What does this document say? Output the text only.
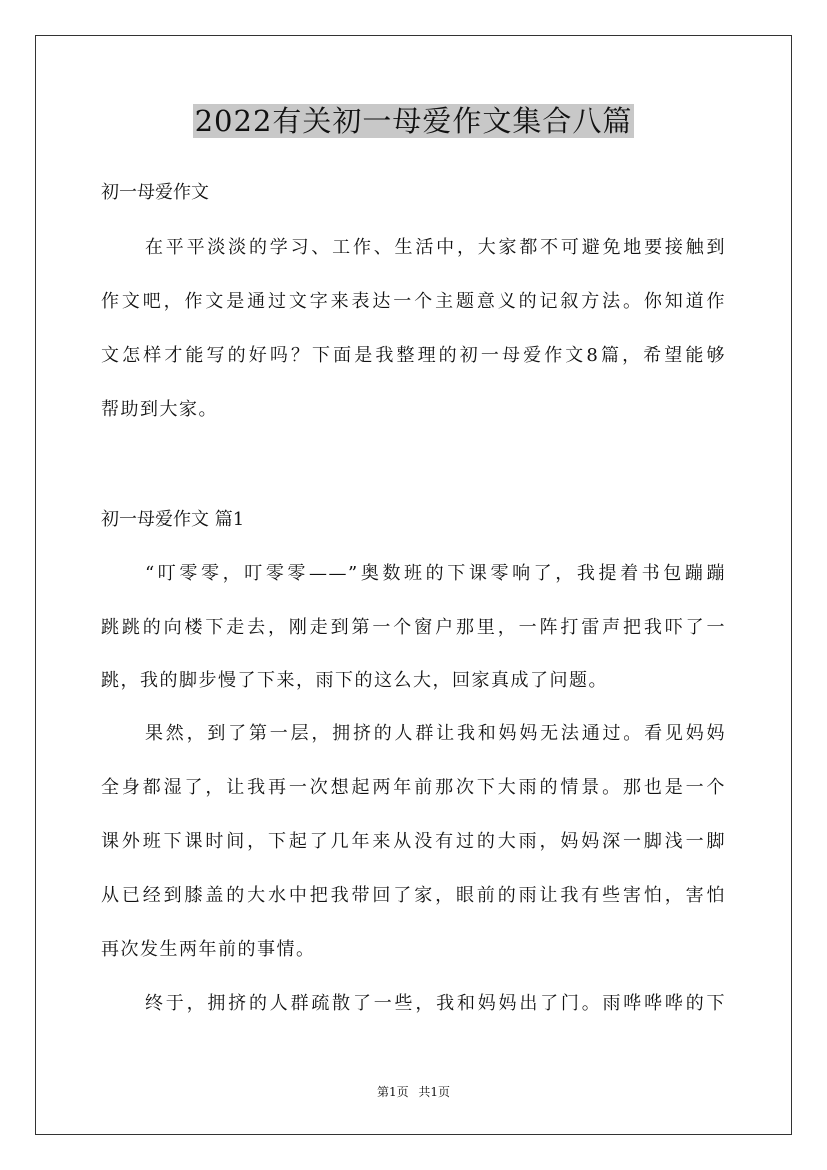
2022有关初一母爱作文集合八篇
初一母爱作文
在平平淡淡的学习、工作、生活中，大家都不可避免地要接触到
作文吧，作文是通过文字来表达一个主题意义的记叙方法。你知道作
文怎样才能写的好吗？下面是我整理的初一母爱作文8篇，希望能够
帮助到大家。
初一母爱作文 篇1
“叮零零，叮零零——”奥数班的下课零响了，我提着书包蹦蹦
跳跳的向楼下走去，刚走到第一个窗户那里，一阵打雷声把我吓了一
跳，我的脚步慢了下来，雨下的这么大，回家真成了问题。
果然，到了第一层，拥挤的人群让我和妈妈无法通过。看见妈妈
全身都湿了，让我再一次想起两年前那次下大雨的情景。那也是一个
课外班下课时间，下起了几年来从没有过的大雨，妈妈深一脚浅一脚
从已经到膝盖的大水中把我带回了家，眼前的雨让我有些害怕，害怕
再次发生两年前的事情。
终于，拥挤的人群疏散了一些，我和妈妈出了门。雨哗哗哗的下
第1页 共1页
